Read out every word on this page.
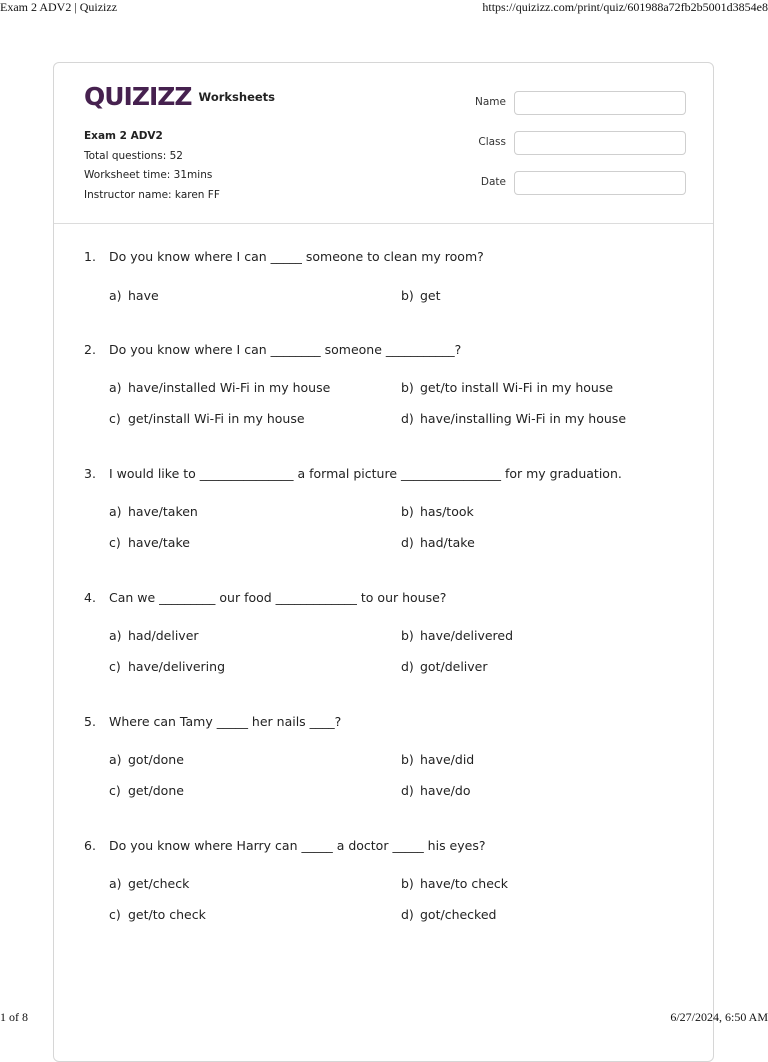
Exam 2 ADV2 | Quizizz	https://quizizz.com/print/quiz/601988a72fb2b5001d3854e8
QUIZIZZ Worksheets
Exam 2 ADV2
Total questions: 52
Worksheet time: 31mins
Instructor name: karen FF
Name
Class
Date
1. Do you know where I can _____ someone to clean my room?
a) have	b) get
2. Do you know where I can ________ someone ___________?
a) have/installed Wi-Fi in my house	b) get/to install Wi-Fi in my house
c) get/install Wi-Fi in my house	d) have/installing Wi-Fi in my house
3. I would like to _______________ a formal picture ________________ for my graduation.
a) have/taken	b) has/took
c) have/take	d) had/take
4. Can we _________ our food _____________ to our house?
a) had/deliver	b) have/delivered
c) have/delivering	d) got/deliver
5. Where can Tamy _____ her nails ____?
a) got/done	b) have/did
c) get/done	d) have/do
6. Do you know where Harry can _____ a doctor _____ his eyes?
a) get/check	b) have/to check
c) get/to check	d) got/checked
1 of 8	6/27/2024, 6:50 AM
